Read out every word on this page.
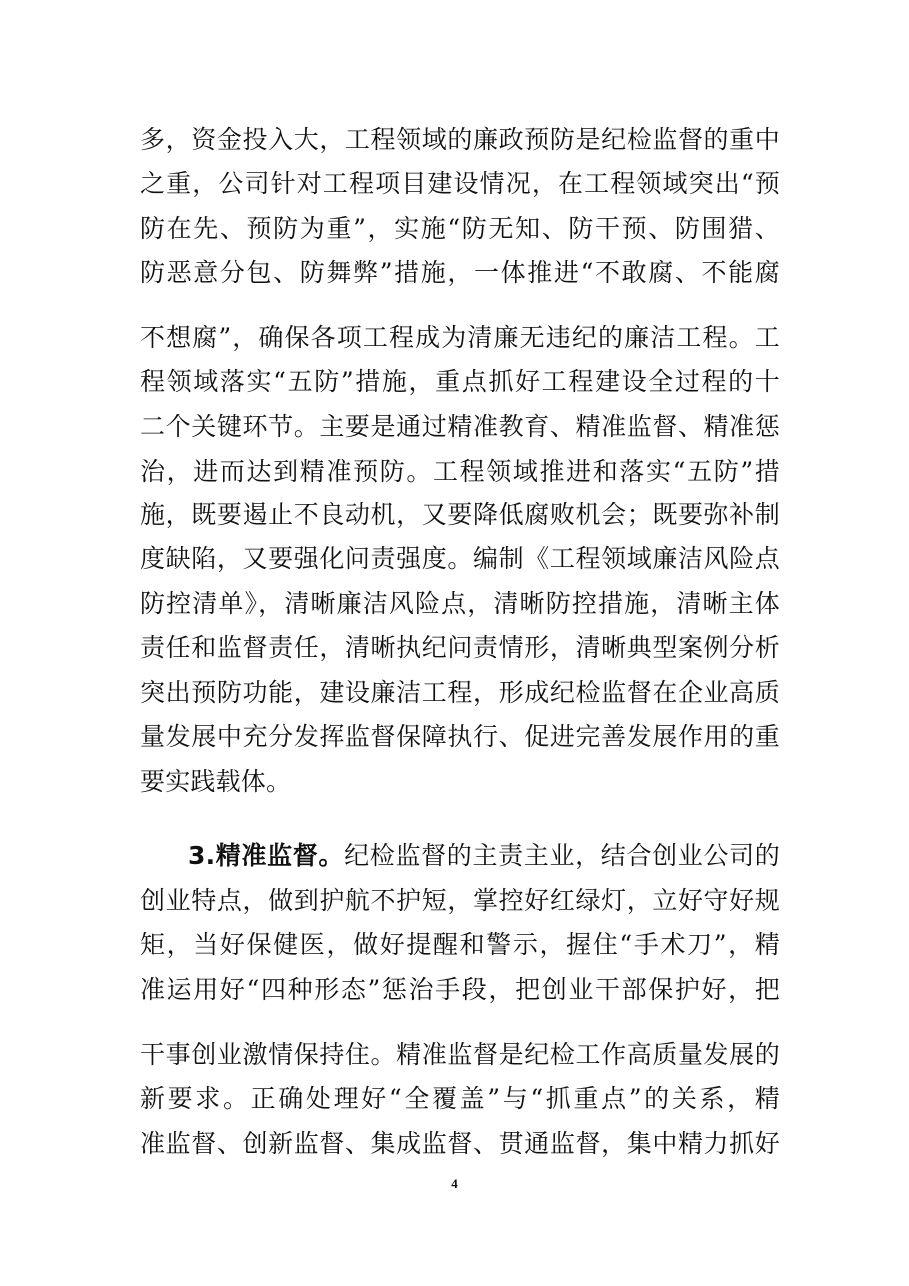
多，资金投入大，工程领域的廉政预防是纪检监督的重中
之重，公司针对工程项目建设情况，在工程领域突出“预
防在先、预防为重”，实施“防无知、防干预、防围猎、
防恶意分包、防舞弊”措施，一体推进“不敢腐、不能腐
不想腐”，确保各项工程成为清廉无违纪的廉洁工程。工
程领域落实“五防”措施，重点抓好工程建设全过程的十
二个关键环节。主要是通过精准教育、精准监督、精准惩
治，进而达到精准预防。工程领域推进和落实“五防”措
施，既要遏止不良动机，又要降低腐败机会；既要弥补制
度缺陷，又要强化问责强度。编制《工程领域廉洁风险点
防控清单》，清晰廉洁风险点，清晰防控措施，清晰主体
责任和监督责任，清晰执纪问责情形，清晰典型案例分析
突出预防功能，建设廉洁工程，形成纪检监督在企业高质
量发展中充分发挥监督保障执行、促进完善发展作用的重
要实践载体。
3.精准监督。纪检监督的主责主业，结合创业公司的
创业特点，做到护航不护短，掌控好红绿灯，立好守好规
矩，当好保健医，做好提醒和警示，握住“手术刀”，精
准运用好“四种形态”惩治手段，把创业干部保护好，把
干事创业激情保持住。精准监督是纪检工作高质量发展的
新要求。正确处理好“全覆盖”与“抓重点”的关系，精
准监督、创新监督、集成监督、贯通监督，集中精力抓好
4
